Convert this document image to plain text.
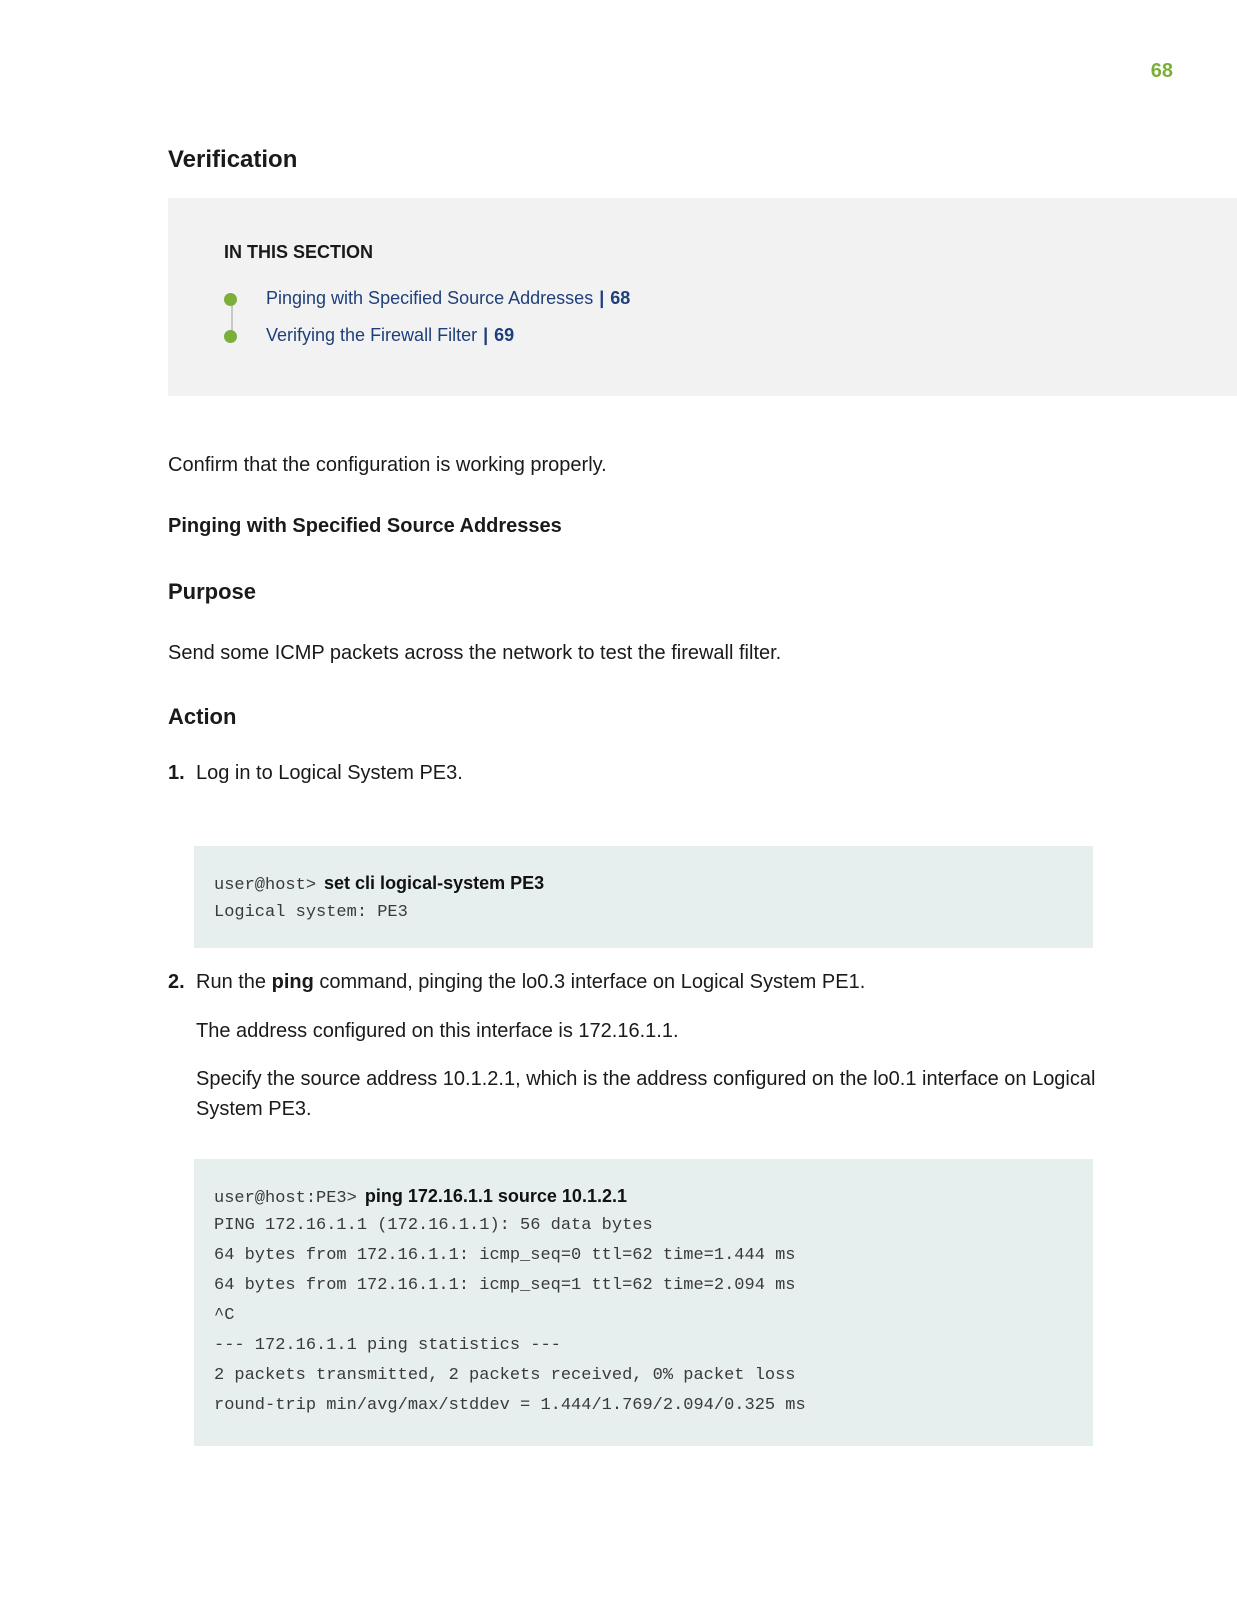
68
Verification
IN THIS SECTION
Pinging with Specified Source Addresses | 68
Verifying the Firewall Filter | 69

Confirm that the configuration is working properly.

Pinging with Specified Source Addresses
Purpose

Send some ICMP packets across the network to test the firewall filter.

Action
1. Log in to Logical System PE3.

user@host> set cli logical-system PE3
Logical system: PE3
2. Run the ping command, pinging the lo0.3 interface on Logical System PE1.

The address configured on this interface is 172.16.1.1.

Specify the source address 10.1.2.1, which is the address configured on the lo0.1 interface on Logical System PE3.

user@host:PE3> ping 172.16.1.1 source 10.1.2.1
PING 172.16.1.1 (172.16.1.1): 56 data bytes
64 bytes from 172.16.1.1: icmp_seq=0 ttl=62 time=1.444 ms
64 bytes from 172.16.1.1: icmp_seq=1 ttl=62 time=2.094 ms
^C
--- 172.16.1.1 ping statistics ---
2 packets transmitted, 2 packets received, 0% packet loss
round-trip min/avg/max/stddev = 1.444/1.769/2.094/0.325 ms
